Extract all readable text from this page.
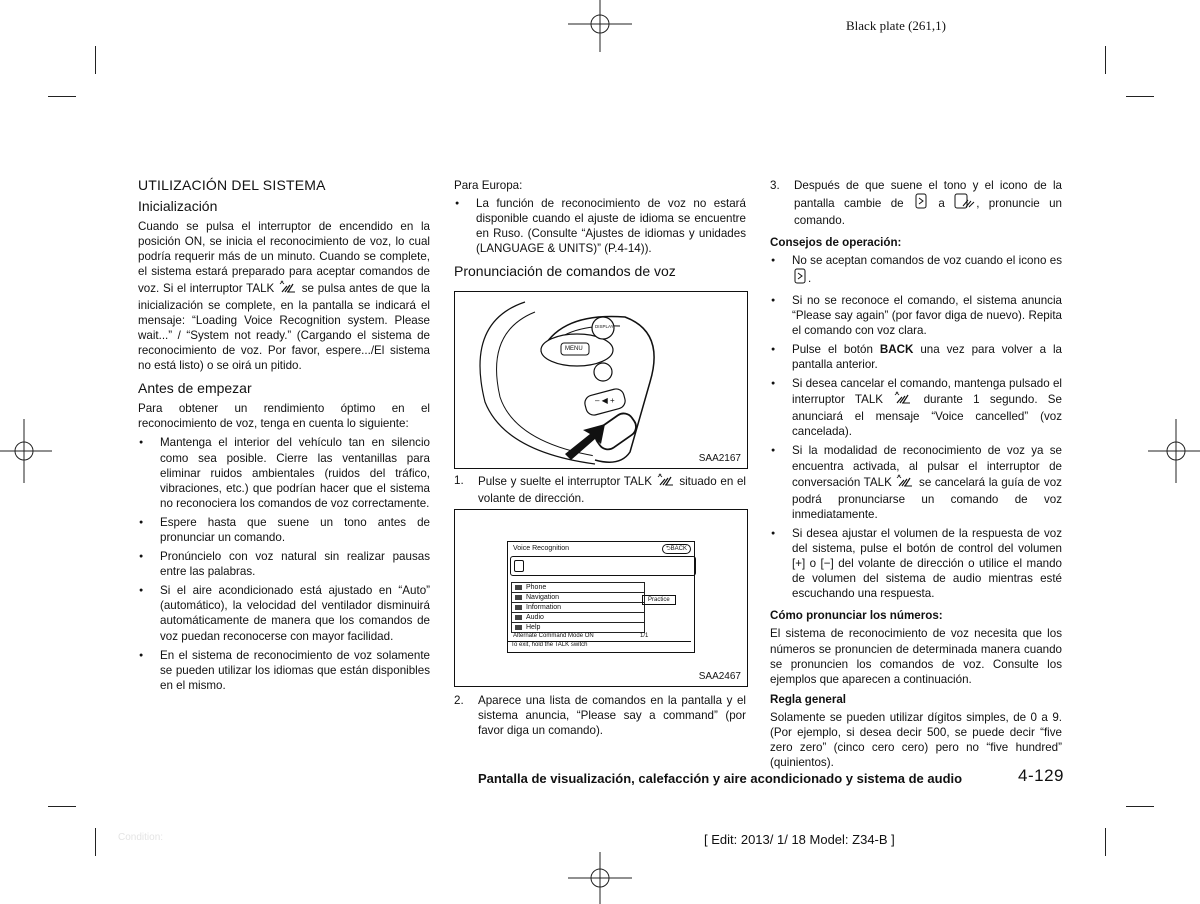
Black plate (261,1)
UTILIZACIÓN DEL SISTEMA
Inicialización

Cuando se pulsa el interruptor de encendido en la posición ON, se inicia el reconocimiento de voz, lo cual podría requerir más de un minuto. Cuando se complete, el sistema estará preparado para aceptar comandos de voz. Si el interruptor TALK se pulsa antes de que la inicialización se complete, en la pantalla se indicará el mensaje: “Loading Voice Recognition system. Please wait...” / “System not ready.” (Cargando el sistema de reconocimiento de voz. Por favor, espere.../El sistema no está listo) o se oirá un pitido.

Antes de empezar

Para obtener un rendimiento óptimo en el reconocimiento de voz, tenga en cuenta lo siguiente:

● Mantenga el interior del vehículo tan en silencio como sea posible. Cierre las ventanillas para eliminar ruidos ambientales (ruidos del tráfico, vibraciones, etc.) que podrían hacer que el sistema no reconociera los comandos de voz correctamente.
● Espere hasta que suene un tono antes de pronunciar un comando.
● Pronúncielo con voz natural sin realizar pausas entre las palabras.
● Si el aire acondicionado está ajustado en “Auto” (automático), la velocidad del ventilador disminuirá automáticamente de manera que los comandos de voz puedan reconocerse con mayor facilidad.
● En el sistema de reconocimiento de voz solamente se pueden utilizar los idiomas que están disponibles en el mismo.

Para Europa:

● La función de reconocimiento de voz no estará disponible cuando el ajuste de idioma se encuentre en Ruso. (Consulte “Ajustes de idiomas y unidades (LANGUAGE & UNITS)” (P.4-14)).
Pronunciación de comandos de voz
DISPLAY
MENU
– ◀ +
SAA2167
1. Pulse y suelte el interruptor TALK situado en el volante de dirección.
Voice Recognition	⮌BACK
Phone
Navigation
Information
Audio
Help
Practice
Alternate Command Mode ON	1/1
To exit, hold the TALK switch
SAA2467
2. Aparece una lista de comandos en la pantalla y el sistema anuncia, “Please say a command” (por favor diga un comando).
3. Después de que suene el tono y el icono de la pantalla cambie de	a	, pronuncie un comando.
Consejos de operación:
● No se aceptan comandos de voz cuando el icono es .
● Si no se reconoce el comando, el sistema anuncia “Please say again” (por favor diga de nuevo). Repita el comando con voz clara.
● Pulse el botón BACK una vez para volver a la pantalla anterior.
● Si desea cancelar el comando, mantenga pulsado el interruptor TALK	durante 1 segundo. Se anunciará el mensaje “Voice cancelled” (voz cancelada).
● Si la modalidad de reconocimiento de voz ya se encuentra activada, al pulsar el interruptor de conversación TALK se cancelará la guía de voz podrá pronunciarse un comando de voz inmediatamente.
● Si desea ajustar el volumen de la respuesta de voz del sistema, pulse el botón de control del volumen [+] o [−] del volante de dirección o utilice el mando de volumen del sistema de audio mientras esté escuchando una respuesta.
Cómo pronunciar los números:

El sistema de reconocimiento de voz necesita que los números se pronuncien de determinada manera cuando se pronuncien los comandos de voz. Consulte los ejemplos que aparecen a continuación.

Regla general

Solamente se pueden utilizar dígitos simples, de 0 a 9. (Por ejemplo, si desea decir 500, se puede decir “five zero zero” (cinco cero cero) pero no “five hundred” (quinientos).

Pantalla de visualización, calefacción y aire acondicionado y sistema de audio	4-129
Condition:	[ Edit: 2013/ 1/ 18 Model: Z34-B ]
